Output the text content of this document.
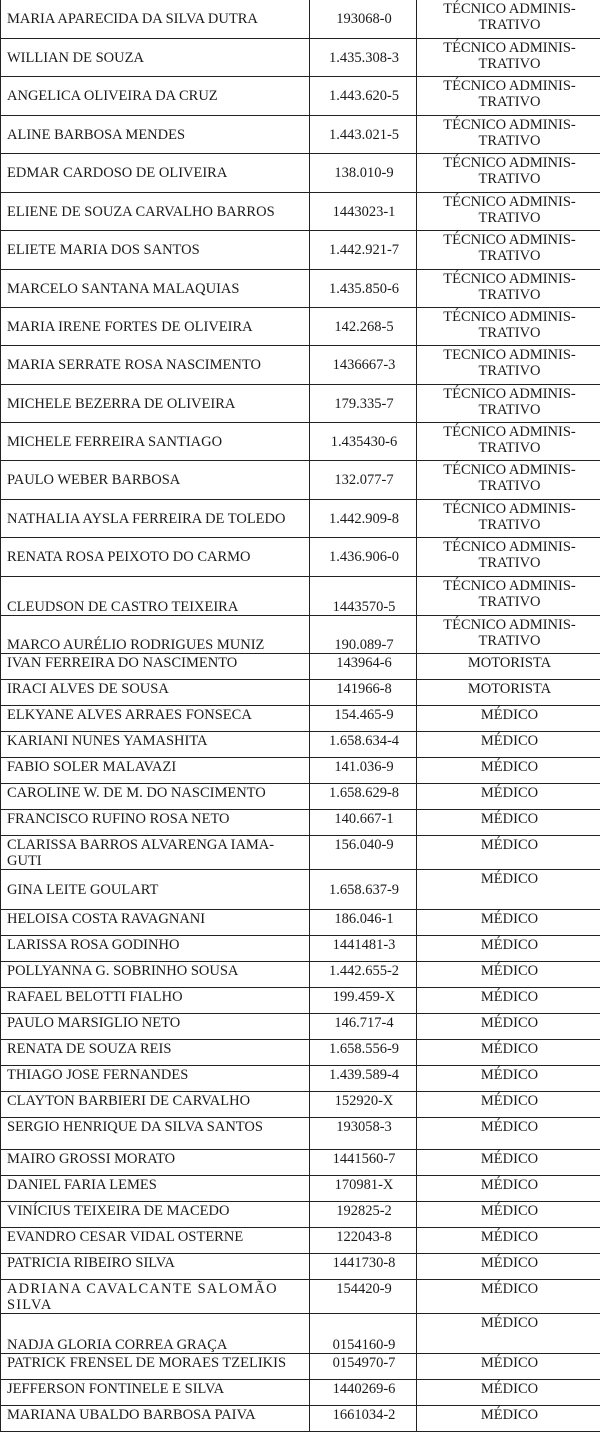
MARIA APARECIDA DA SILVA DUTRA	193068-0	TÉCNICO ADMINIS-
TRATIVO
WILLIAN DE SOUZA	1.435.308-3	TÉCNICO ADMINIS-
TRATIVO
ANGELICA OLIVEIRA DA CRUZ	1.443.620-5	TÉCNICO ADMINIS-
TRATIVO
ALINE BARBOSA MENDES	1.443.021-5	TÉCNICO ADMINIS-
TRATIVO
EDMAR CARDOSO DE OLIVEIRA	138.010-9	TÉCNICO ADMINIS-
TRATIVO
ELIENE DE SOUZA CARVALHO BARROS	1443023-1	TÉCNICO ADMINIS-
TRATIVO
ELIETE MARIA DOS SANTOS	1.442.921-7	TÉCNICO ADMINIS-
TRATIVO
MARCELO SANTANA MALAQUIAS	1.435.850-6	TÉCNICO ADMINIS-
TRATIVO
MARIA IRENE FORTES DE OLIVEIRA	142.268-5	TÉCNICO ADMINIS-
TRATIVO
MARIA SERRATE ROSA NASCIMENTO	1436667-3	TECNICO ADMINIS-
TRATIVO
MICHELE BEZERRA DE OLIVEIRA	179.335-7	TÉCNICO ADMINIS-
TRATIVO
MICHELE FERREIRA SANTIAGO	1.435430-6	TÉCNICO ADMINIS-
TRATIVO
PAULO WEBER BARBOSA	132.077-7	TÉCNICO ADMINIS-
TRATIVO
NATHALIA AYSLA FERREIRA DE TOLEDO	1.442.909-8	TÉCNICO ADMINIS-
TRATIVO
RENATA ROSA PEIXOTO DO CARMO	1.436.906-0	TÉCNICO ADMINIS-
TRATIVO
CLEUDSON DE CASTRO TEIXEIRA	1443570-5	TÉCNICO ADMINIS-
TRATIVO
MARCO AURÉLIO RODRIGUES MUNIZ	190.089-7	TÉCNICO ADMINIS-
TRATIVO
IVAN FERREIRA DO NASCIMENTO	143964-6	MOTORISTA
IRACI ALVES DE SOUSA	141966-8	MOTORISTA
ELKYANE ALVES ARRAES FONSECA	154.465-9	MÉDICO
KARIANI NUNES YAMASHITA	1.658.634-4	MÉDICO
FABIO SOLER MALAVAZI	141.036-9	MÉDICO
CAROLINE W. DE M. DO NASCIMENTO	1.658.629-8	MÉDICO
FRANCISCO RUFINO ROSA NETO	140.667-1	MÉDICO
CLARISSA BARROS ALVARENGA IAMA-
GUTI	156.040-9	MÉDICO
GINA LEITE GOULART	1.658.637-9	MÉDICO
HELOISA COSTA RAVAGNANI	186.046-1	MÉDICO
LARISSA ROSA GODINHO	1441481-3	MÉDICO
POLLYANNA G. SOBRINHO SOUSA	1.442.655-2	MÉDICO
RAFAEL BELOTTI FIALHO	199.459-X	MÉDICO
PAULO MARSIGLIO NETO	146.717-4	MÉDICO
RENATA DE SOUZA REIS	1.658.556-9	MÉDICO
THIAGO JOSE FERNANDES	1.439.589-4	MÉDICO
CLAYTON BARBIERI DE CARVALHO	152920-X	MÉDICO
SERGIO HENRIQUE DA SILVA SANTOS	193058-3	MÉDICO
MAIRO GROSSI MORATO	1441560-7	MÉDICO
DANIEL FARIA LEMES	170981-X	MÉDICO
VINÍCIUS TEIXEIRA DE MACEDO	192825-2	MÉDICO
EVANDRO CESAR VIDAL OSTERNE	122043-8	MÉDICO
PATRICIA RIBEIRO SILVA	1441730-8	MÉDICO
ADRIANA CAVALCANTE SALOMÃO
SILVA	154420-9	MÉDICO
NADJA GLORIA CORREA GRAÇA	0154160-9	MÉDICO
PATRICK FRENSEL DE MORAES TZELIKIS	0154970-7	MÉDICO
JEFFERSON FONTINELE E SILVA	1440269-6	MÉDICO
MARIANA UBALDO BARBOSA PAIVA	1661034-2	MÉDICO
